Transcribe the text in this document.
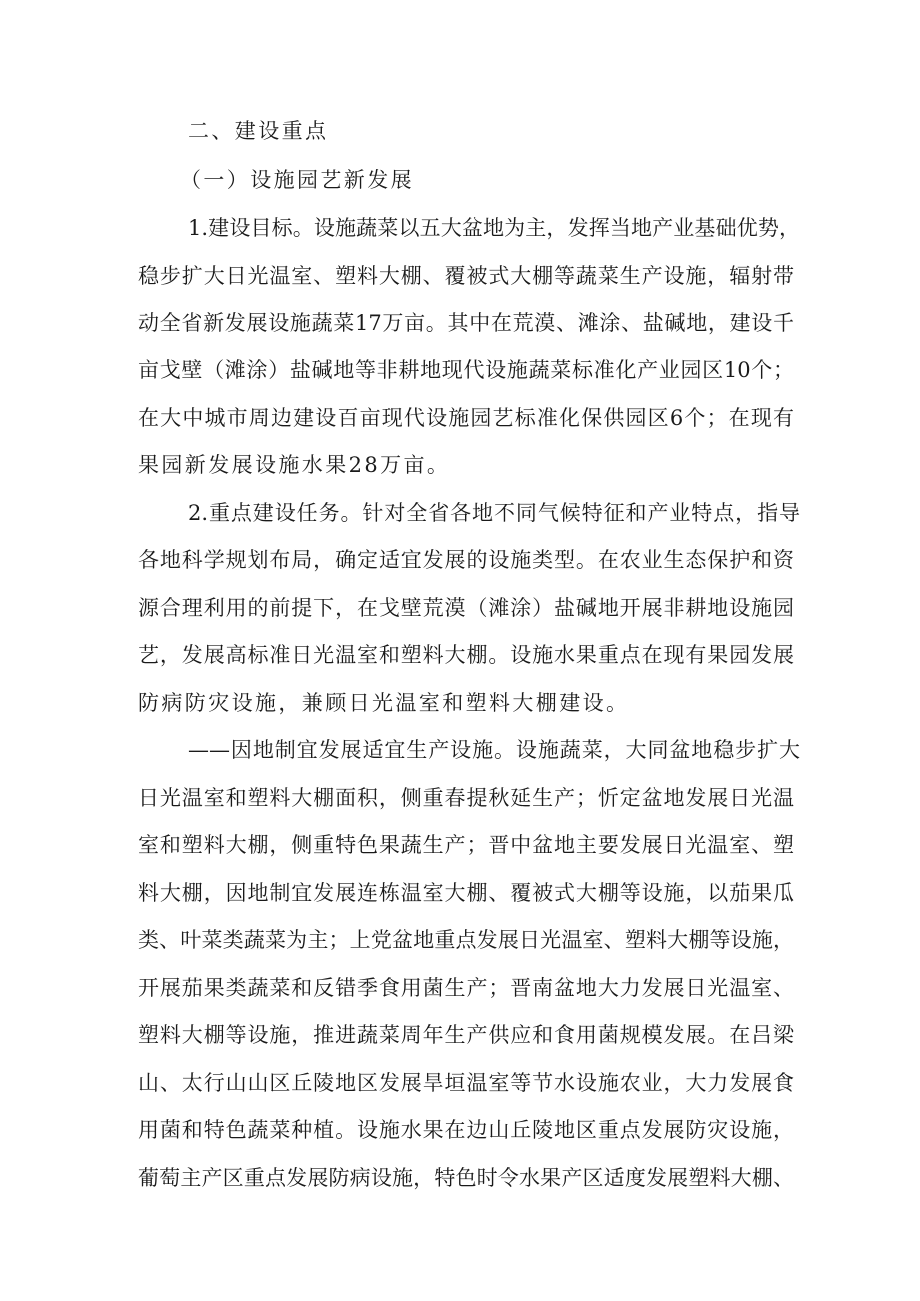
二、建设重点
（一）设施园艺新发展
1.建设目标。设施蔬菜以五大盆地为主，发挥当地产业基础优势，
稳步扩大日光温室、塑料大棚、覆被式大棚等蔬菜生产设施，辐射带
动全省新发展设施蔬菜17万亩。其中在荒漠、滩涂、盐碱地，建设千
亩戈壁（滩涂）盐碱地等非耕地现代设施蔬菜标准化产业园区10个；
在大中城市周边建设百亩现代设施园艺标准化保供园区6个；在现有
果园新发展设施水果28万亩。
2.重点建设任务。针对全省各地不同气候特征和产业特点，指导
各地科学规划布局，确定适宜发展的设施类型。在农业生态保护和资
源合理利用的前提下，在戈壁荒漠（滩涂）盐碱地开展非耕地设施园
艺，发展高标准日光温室和塑料大棚。设施水果重点在现有果园发展
防病防灾设施，兼顾日光温室和塑料大棚建设。
——因地制宜发展适宜生产设施。设施蔬菜，大同盆地稳步扩大
日光温室和塑料大棚面积，侧重春提秋延生产；忻定盆地发展日光温
室和塑料大棚，侧重特色果蔬生产；晋中盆地主要发展日光温室、塑
料大棚，因地制宜发展连栋温室大棚、覆被式大棚等设施，以茄果瓜
类、叶菜类蔬菜为主；上党盆地重点发展日光温室、塑料大棚等设施，
开展茄果类蔬菜和反错季食用菌生产；晋南盆地大力发展日光温室、
塑料大棚等设施，推进蔬菜周年生产供应和食用菌规模发展。在吕梁
山、太行山山区丘陵地区发展旱垣温室等节水设施农业，大力发展食
用菌和特色蔬菜种植。设施水果在边山丘陵地区重点发展防灾设施，
葡萄主产区重点发展防病设施，特色时令水果产区适度发展塑料大棚、
